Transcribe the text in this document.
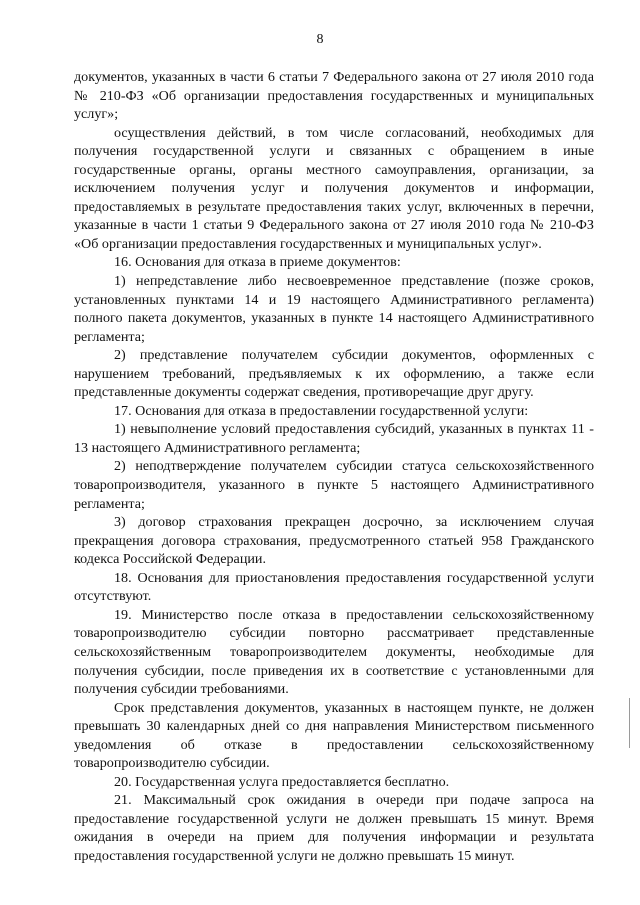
8

документов, указанных в части 6 статьи 7 Федерального закона от 27 июля 2010 года № 210-ФЗ «Об организации предоставления государственных и муниципальных услуг»;

осуществления действий, в том числе согласований, необходимых для получения государственной услуги и связанных с обращением в иные государственные органы, органы местного самоуправления, организации, за исключением получения услуг и получения документов и информации, предоставляемых в результате предоставления таких услуг, включенных в перечни, указанные в части 1 статьи 9 Федерального закона от 27 июля 2010 года № 210-ФЗ «Об организации предоставления государственных и муниципальных услуг».

16. Основания для отказа в приеме документов:

1) непредставление либо несвоевременное представление (позже сроков, установленных пунктами 14 и 19 настоящего Административного регламента) полного пакета документов, указанных в пункте 14 настоящего Административного регламента;

2) представление получателем субсидии документов, оформленных с нарушением требований, предъявляемых к их оформлению, а также если представленные документы содержат сведения, противоречащие друг другу.

17. Основания для отказа в предоставлении государственной услуги:

1) невыполнение условий предоставления субсидий, указанных в пунктах 11 - 13 настоящего Административного регламента;

2) неподтверждение получателем субсидии статуса сельскохозяйственного товаропроизводителя, указанного в пункте 5 настоящего Административного регламента;

3) договор страхования прекращен досрочно, за исключением случая прекращения договора страхования, предусмотренного статьей 958 Гражданского кодекса Российской Федерации.

18. Основания для приостановления предоставления государственной услуги отсутствуют.

19. Министерство после отказа в предоставлении сельскохозяйственному товаропроизводителю субсидии повторно рассматривает представленные сельскохозяйственным товаропроизводителем документы, необходимые для получения субсидии, после приведения их в соответствие с установленными для получения субсидии требованиями.

Срок представления документов, указанных в настоящем пункте, не должен превышать 30 календарных дней со дня направления Министерством письменного уведомления об отказе в предоставлении сельскохозяйственному товаропроизводителю субсидии.

20. Государственная услуга предоставляется бесплатно.

21. Максимальный срок ожидания в очереди при подаче запроса на предоставление государственной услуги не должен превышать 15 минут. Время ожидания в очереди на прием для получения информации и результата предоставления государственной услуги не должно превышать 15 минут.
